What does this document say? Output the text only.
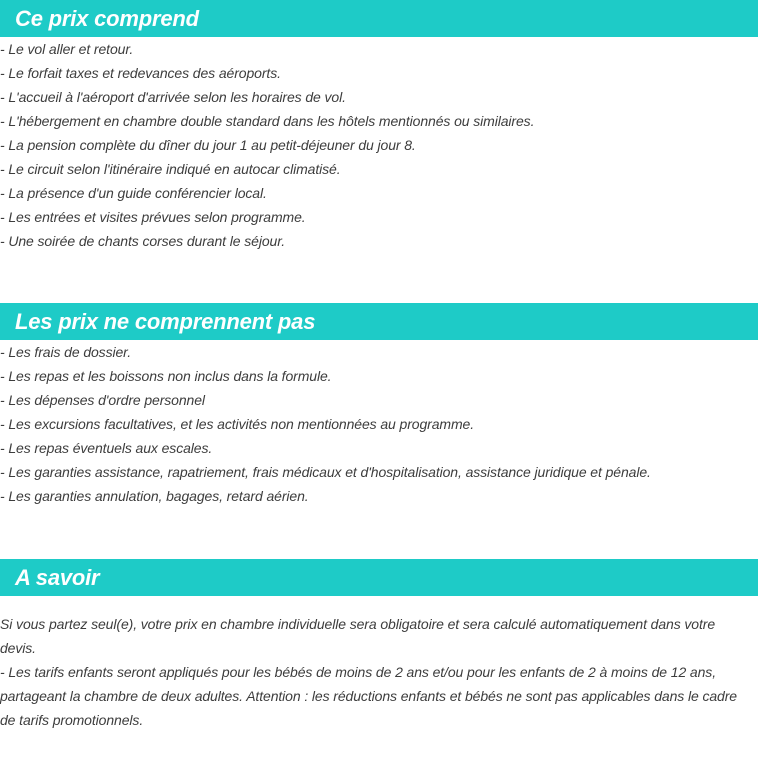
Ce prix comprend
- Le vol aller et retour.
- Le forfait taxes et redevances des aéroports.
- L'accueil à l'aéroport d'arrivée selon les horaires de vol.
- L'hébergement en chambre double standard dans les hôtels mentionnés ou similaires.
- La pension complète du dîner du jour 1 au petit-déjeuner du jour 8.
- Le circuit selon l'itinéraire indiqué en autocar climatisé.
- La présence d'un guide conférencier local.
- Les entrées et visites prévues selon programme.
- Une soirée de chants corses durant le séjour.
Les prix ne comprennent pas
- Les frais de dossier.
- Les repas et les boissons non inclus dans la formule.
- Les dépenses d'ordre personnel
- Les excursions facultatives, et les activités non mentionnées au programme.
- Les repas éventuels aux escales.
- Les garanties assistance, rapatriement, frais médicaux et d'hospitalisation, assistance juridique et pénale.
- Les garanties annulation, bagages, retard aérien.
A savoir

Si vous partez seul(e), votre prix en chambre individuelle sera obligatoire et sera calculé automatiquement dans votre devis.

- Les tarifs enfants seront appliqués pour les bébés de moins de 2 ans et/ou pour les enfants de 2 à moins de 12 ans, partageant la chambre de deux adultes. Attention : les réductions enfants et bébés ne sont pas applicables dans le cadre de tarifs promotionnels.
